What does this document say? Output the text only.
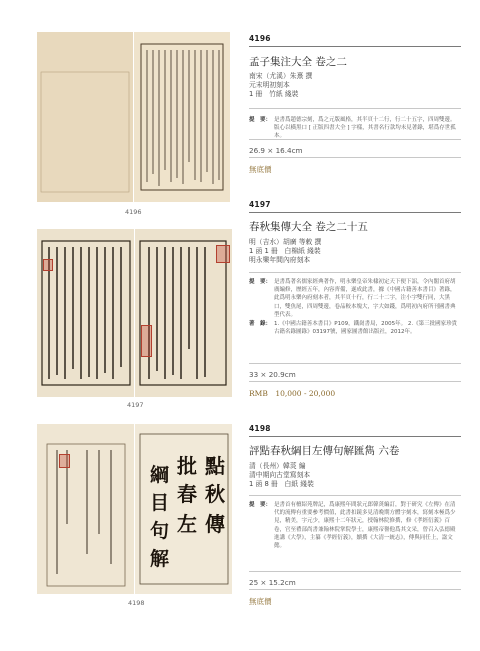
4196
4196
孟子集注大全 卷之二
南宋（尤溪）朱熹 撰
元末明初刻本
1 冊　竹紙 綫裝
提　要： 是書爲趙德宗刻，爲之元版風格，其半頁十二行，行二十五字，四周雙邊。版心以橫黑口 [ 正版四書大全 ] 字樣，其書名行款均未見著錄，堪爲存世孤本。
26.9 × 16.4cm
無底價
4197
4197
春秋集傳大全 卷之二十五
明（吉水）胡廣 等敕 撰
1 函 1 冊　白棉紙 綫裝
明永樂年間內府刻本
提　要： 是書爲著名儒家經典著作，明永樂皇帝朱棣初定天下便下詔，令內閣首府胡廣編修，歷經五年，內容齊備，遂成此書，據《中國古籍善本書目》著錄，此爲明永樂內府刻本者，其半頁十行，行二十二字，注小字雙行同，大黑口，雙魚尾，四周雙邊，卷品較本塊大，字大如錢，爲明初內府所刊國書典型代表。
著　錄： 1.《中國古籍善本書目》P109，鐵崗書局，2005年。 2.《第三批國家珍貴古籍名錄圖錄》03197號，國家圖書館出版社，2012年。
33 × 20.9cm
RMB　10,000 - 20,000
批
春
左
點
秋
傳
綱
目
句
解
4198
4198
評點春秋綱目左傳句解匯雋 六卷
清（長州）韓菼 編
清中期向古堂寫刻本
1 函 8 冊　白紙 綫裝
提　要： 是書首有檀紹苑牌記，爲康熙年間狀元郎韓菼編訂，對于研究《左傳》在清代的流傳有重要參考價值，此書扣鏡多見清晚期方體字刻本，寫刻本極爲少見，精美，字元少，康熙十二年狀元，授翰林院修撰，修《孝經衍義》百卷，官至禮部尚書兼翰林院掌院學士，康熙帝譽他爲其文采，曾召入弘德殿進講《大學》，主纂《孝經衍義》，續撰《大清一統志》，傳與同任上，諡文懿。
25 × 15.2cm
無底價
